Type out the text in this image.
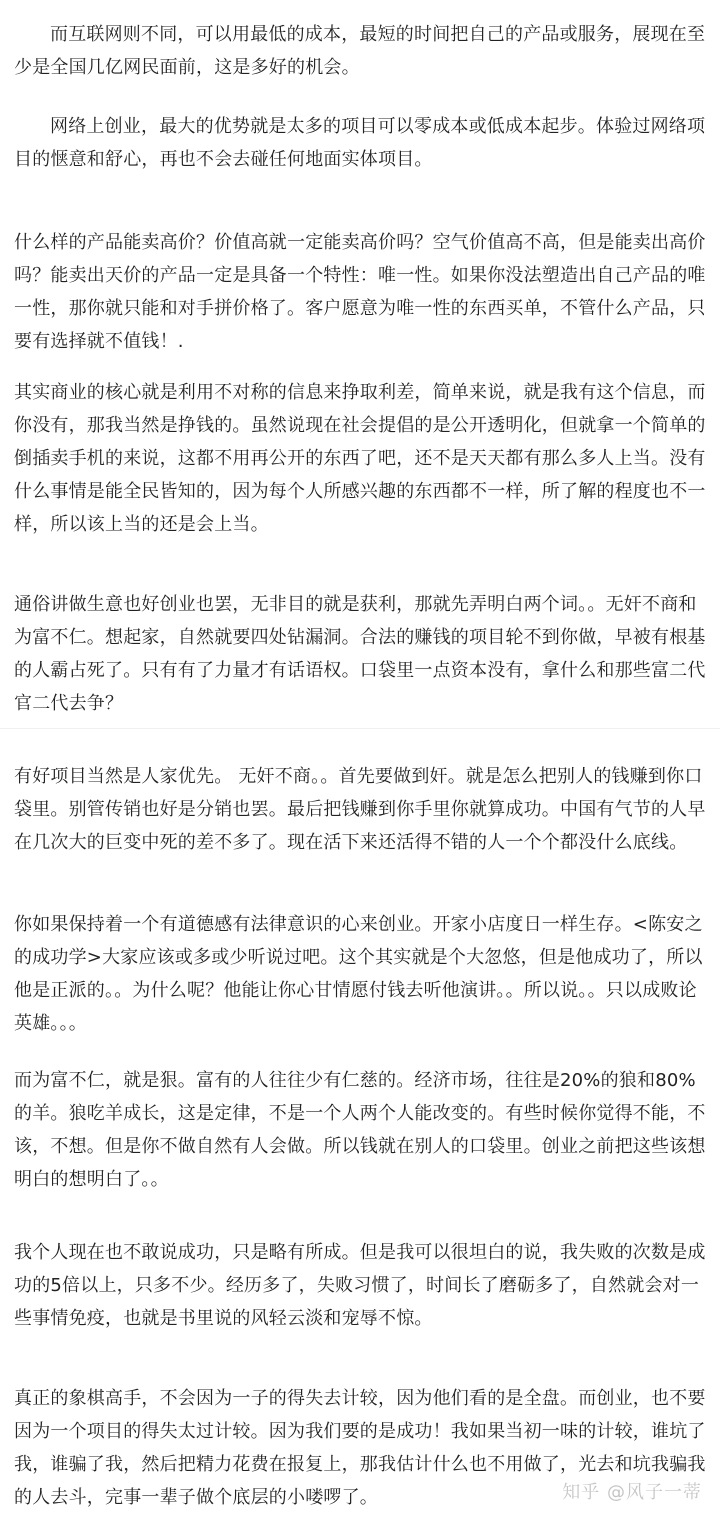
而互联网则不同，可以用最低的成本，最短的时间把自己的产品或服务，展现在至少是全国几亿网民面前，这是多好的机会。

网络上创业，最大的优势就是太多的项目可以零成本或低成本起步。体验过网络项目的惬意和舒心，再也不会去碰任何地面实体项目。

什么样的产品能卖高价？价值高就一定能卖高价吗？空气价值高不高，但是能卖出高价吗？能卖出天价的产品一定是具备一个特性：唯一性。如果你没法塑造出自己产品的唯一性，那你就只能和对手拼价格了。客户愿意为唯一性的东西买单，不管什么产品，只要有选择就不值钱！.

其实商业的核心就是利用不对称的信息来挣取利差，简单来说，就是我有这个信息，而你没有，那我当然是挣钱的。虽然说现在社会提倡的是公开透明化，但就拿一个简单的倒插卖手机的来说，这都不用再公开的东西了吧，还不是天天都有那么多人上当。没有什么事情是能全民皆知的，因为每个人所感兴趣的东西都不一样，所了解的程度也不一样，所以该上当的还是会上当。

通俗讲做生意也好创业也罢，无非目的就是获利，那就先弄明白两个词。。无奸不商和为富不仁。想起家，自然就要四处钻漏洞。合法的赚钱的项目轮不到你做，早被有根基的人霸占死了。只有有了力量才有话语权。口袋里一点资本没有，拿什么和那些富二代官二代去争？

有好项目当然是人家优先。 无奸不商。。首先要做到奸。就是怎么把别人的钱赚到你口袋里。别管传销也好是分销也罢。最后把钱赚到你手里你就算成功。中国有气节的人早在几次大的巨变中死的差不多了。现在活下来还活得不错的人一个个都没什么底线。

你如果保持着一个有道德感有法律意识的心来创业。开家小店度日一样生存。<陈安之的成功学>大家应该或多或少听说过吧。这个其实就是个大忽悠，但是他成功了，所以他是正派的。。为什么呢？他能让你心甘情愿付钱去听他演讲。。所以说。。只以成败论英雄。。。

而为富不仁，就是狠。富有的人往往少有仁慈的。经济市场，往往是20%的狼和80%的羊。狼吃羊成长，这是定律，不是一个人两个人能改变的。有些时候你觉得不能，不该，不想。但是你不做自然有人会做。所以钱就在别人的口袋里。创业之前把这些该想明白的想明白了。。

我个人现在也不敢说成功，只是略有所成。但是我可以很坦白的说，我失败的次数是成功的5倍以上，只多不少。经历多了，失败习惯了，时间长了磨砺多了，自然就会对一些事情免疫，也就是书里说的风轻云淡和宠辱不惊。

真正的象棋高手，不会因为一子的得失去计较，因为他们看的是全盘。而创业，也不要因为一个项目的得失太过计较。因为我们要的是成功！我如果当初一味的计较，谁坑了我，谁骗了我，然后把精力花费在报复上，那我估计什么也不用做了，光去和坑我骗我的人去斗，完事一辈子做个底层的小喽啰了。	知乎 @风子一蒂
